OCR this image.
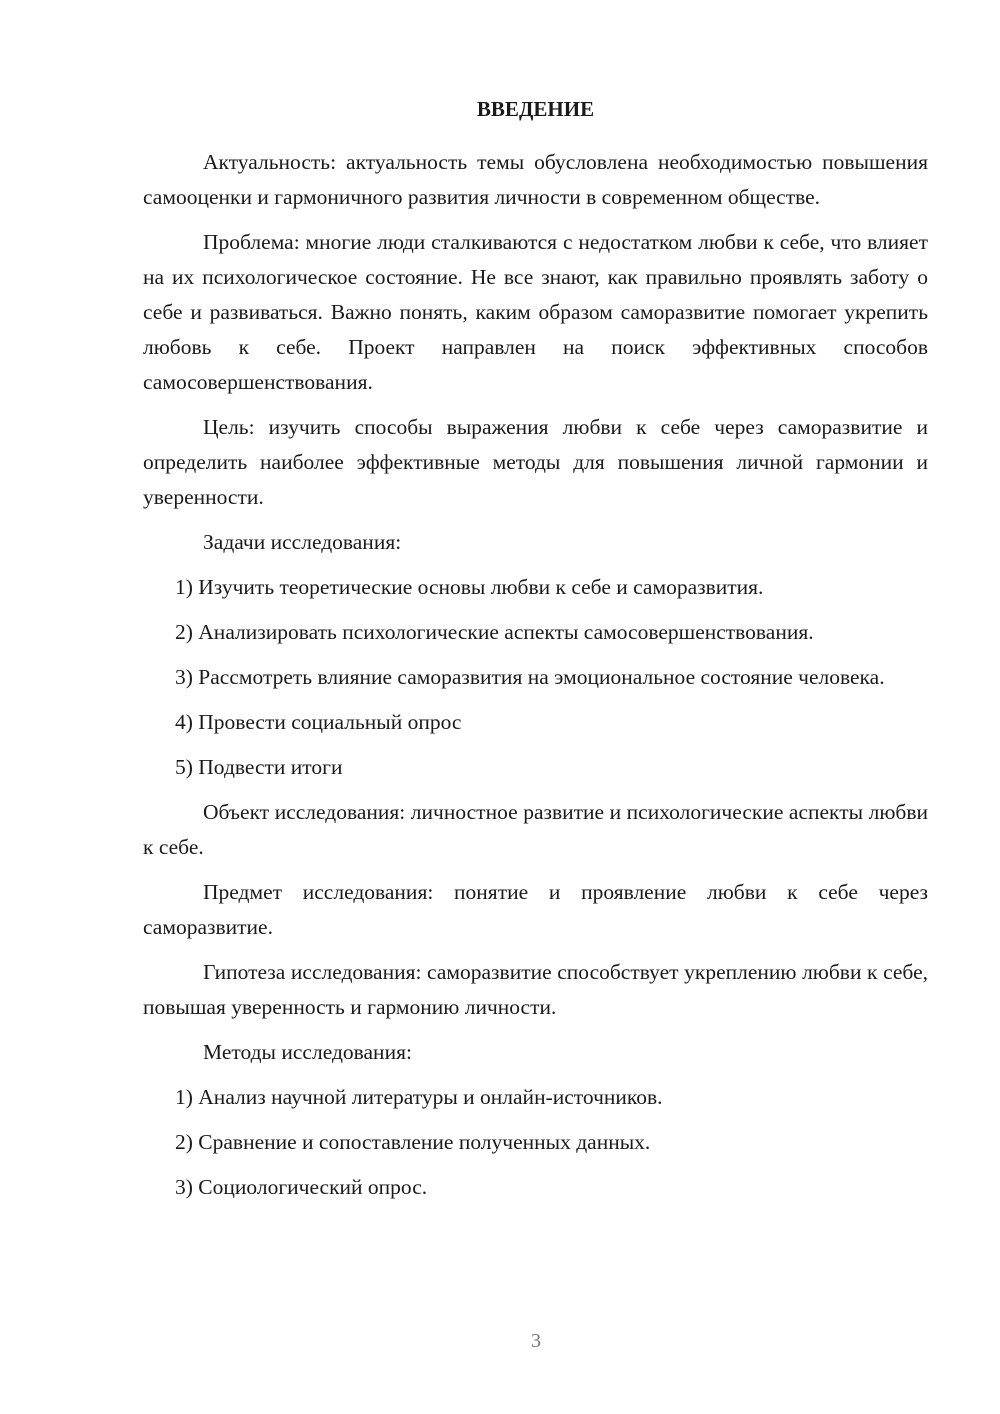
ВВЕДЕНИЕ

Актуальность: актуальность темы обусловлена необходимостью повышения самооценки и гармоничного развития личности в современном обществе.

Проблема: многие люди сталкиваются с недостатком любви к себе, что влияет на их психологическое состояние. Не все знают, как правильно проявлять заботу о себе и развиваться. Важно понять, каким образом саморазвитие помогает укрепить любовь к себе. Проект направлен на поиск эффективных способов самосовершенствования.

Цель: изучить способы выражения любви к себе через саморазвитие и определить наиболее эффективные методы для повышения личной гармонии и уверенности.

Задачи исследования:

1) Изучить теоретические основы любви к себе и саморазвития.

2) Анализировать психологические аспекты самосовершенствования.

3) Рассмотреть влияние саморазвития на эмоциональное состояние человека.

4) Провести социальный опрос

5) Подвести итоги

Объект исследования: личностное развитие и психологические аспекты любви к себе.

Предмет исследования: понятие и проявление любви к себе через саморазвитие.

Гипотеза исследования: саморазвитие способствует укреплению любви к себе, повышая уверенность и гармонию личности.

Методы исследования:

1) Анализ научной литературы и онлайн-источников.

2) Сравнение и сопоставление полученных данных.

3) Социологический опрос.

3
